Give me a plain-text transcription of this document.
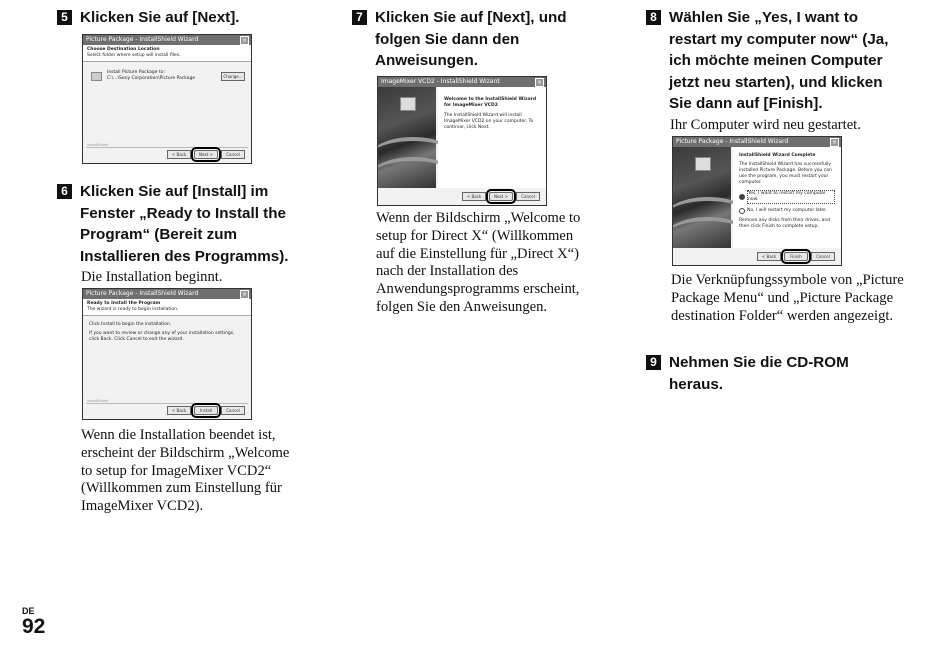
5 Klicken Sie auf [Next].
Picture Package - InstallShield Wizard	×
Choose Destination Location
Select folder where setup will install files.
Install Picture Package to:
C:\...\Sony Corporation\Picture Package	Change...
InstallShield
< Back	Next >	Cancel
6 Klicken Sie auf [Install] im Fenster „Ready to Install the Program“ (Bereit zum Installieren des Programms).
Die Installation beginnt.
Picture Package - InstallShield Wizard	×
Ready to Install the Program
The wizard is ready to begin installation.
Click Install to begin the installation.
If you want to review or change any of your installation settings, click Back. Click Cancel to exit the wizard.
InstallShield
< Back	Install	Cancel
Wenn die Installation beendet ist, erscheint der Bildschirm „Welcome to setup for ImageMixer VCD2“ (Willkommen zum Einstellung für ImageMixer VCD2).
7 Klicken Sie auf [Next], und folgen Sie dann den Anweisungen.
ImageMixer VCD2 - InstallShield Wizard	×
Welcome to the InstallShield Wizard for ImageMixer VCD2
The InstallShield Wizard will install ImageMixer VCD2 on your computer. To continue, click Next.
< Back	Next >	Cancel
Wenn der Bildschirm „Welcome to setup for Direct X“ (Willkommen auf die Einstellung für „Direct X“) nach der Installation des Anwendungsprogramms erscheint, folgen Sie den Anweisungen.
8 Wählen Sie „Yes, I want to restart my computer now“ (Ja, ich möchte meinen Computer jetzt neu starten), und klicken Sie dann auf [Finish].
Ihr Computer wird neu gestartet.
Picture Package - InstallShield Wizard	×
InstallShield Wizard Complete
The InstallShield Wizard has successfully installed Picture Package. Before you can use the program, you must restart your computer.
Yes, I want to restart my computer now.
No, I will restart my computer later.
Remove any disks from their drives, and then click Finish to complete setup.
< Back	Finish	Cancel
Die Verknüpfungssymbole von „Picture Package Menu“ und „Picture Package destination Folder“ werden angezeigt.
9 Nehmen Sie die CD-ROM heraus.
DE
92
